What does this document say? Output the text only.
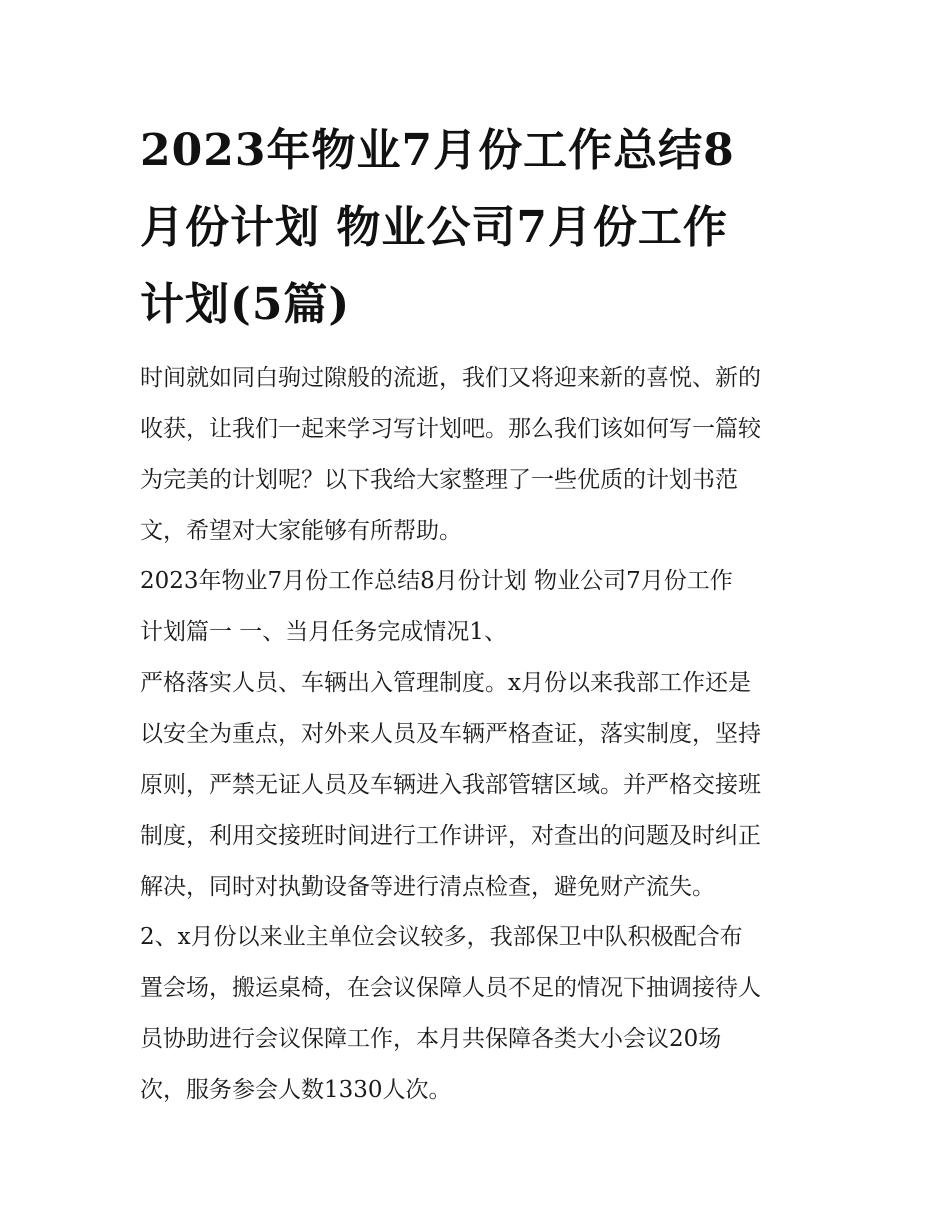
2023年物业7月份工作总结8
月份计划 物业公司7月份工作
计划(5篇)
时间就如同白驹过隙般的流逝，我们又将迎来新的喜悦、新的
收获，让我们一起来学习写计划吧。那么我们该如何写一篇较
为完美的计划呢？以下我给大家整理了一些优质的计划书范
文，希望对大家能够有所帮助。
2023年物业7月份工作总结8月份计划 物业公司7月份工作
计划篇一 一、当月任务完成情况1、
严格落实人员、车辆出入管理制度。x月份以来我部工作还是
以安全为重点，对外来人员及车辆严格查证，落实制度，坚持
原则，严禁无证人员及车辆进入我部管辖区域。并严格交接班
制度，利用交接班时间进行工作讲评，对查出的问题及时纠正
解决，同时对执勤设备等进行清点检查，避免财产流失。
2、x月份以来业主单位会议较多，我部保卫中队积极配合布
置会场，搬运桌椅，在会议保障人员不足的情况下抽调接待人
员协助进行会议保障工作，本月共保障各类大小会议20场
次，服务参会人数1330人次。
